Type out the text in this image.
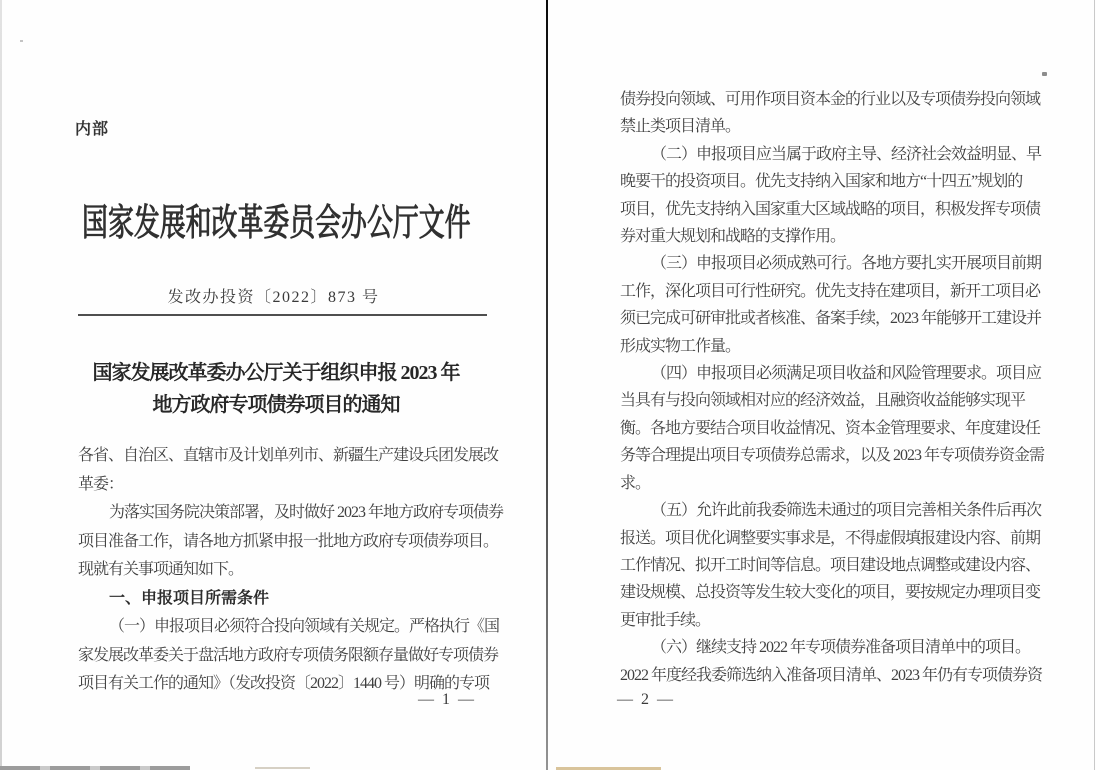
内部
国家发展和改革委员会办公厅文件
发改办投资〔2022〕873 号
国家发展改革委办公厅关于组织申报 2023 年
地方政府专项债券项目的通知
各省、自治区、直辖市及计划单列市、新疆生产建设兵团发展改
革委：
为落实国务院决策部署，及时做好 2023 年地方政府专项债券
项目准备工作，请各地方抓紧申报一批地方政府专项债券项目。
现就有关事项通知如下。
一、申报项目所需条件
（一）申报项目必须符合投向领域有关规定。严格执行《国
家发展改革委关于盘活地方政府专项债务限额存量做好专项债券
项目有关工作的通知》（发改投资〔2022〕1440 号）明确的专项
— 1 —
债券投向领域、可用作项目资本金的行业以及专项债券投向领域
禁止类项目清单。
（二）申报项目应当属于政府主导、经济社会效益明显、早
晚要干的投资项目。优先支持纳入国家和地方“十四五”规划的
项目，优先支持纳入国家重大区域战略的项目，积极发挥专项债
券对重大规划和战略的支撑作用。
（三）申报项目必须成熟可行。各地方要扎实开展项目前期
工作，深化项目可行性研究。优先支持在建项目，新开工项目必
须已完成可研审批或者核准、备案手续，2023 年能够开工建设并
形成实物工作量。
（四）申报项目必须满足项目收益和风险管理要求。项目应
当具有与投向领域相对应的经济效益，且融资收益能够实现平
衡。各地方要结合项目收益情况、资本金管理要求、年度建设任
务等合理提出项目专项债券总需求，以及 2023 年专项债券资金需
求。
（五）允许此前我委筛选未通过的项目完善相关条件后再次
报送。项目优化调整要实事求是，不得虚假填报建设内容、前期
工作情况、拟开工时间等信息。项目建设地点调整或建设内容、
建设规模、总投资等发生较大变化的项目，要按规定办理项目变
更审批手续。
（六）继续支持 2022 年专项债券准备项目清单中的项目。
2022 年度经我委筛选纳入准备项目清单、2023 年仍有专项债券资
— 2 —
